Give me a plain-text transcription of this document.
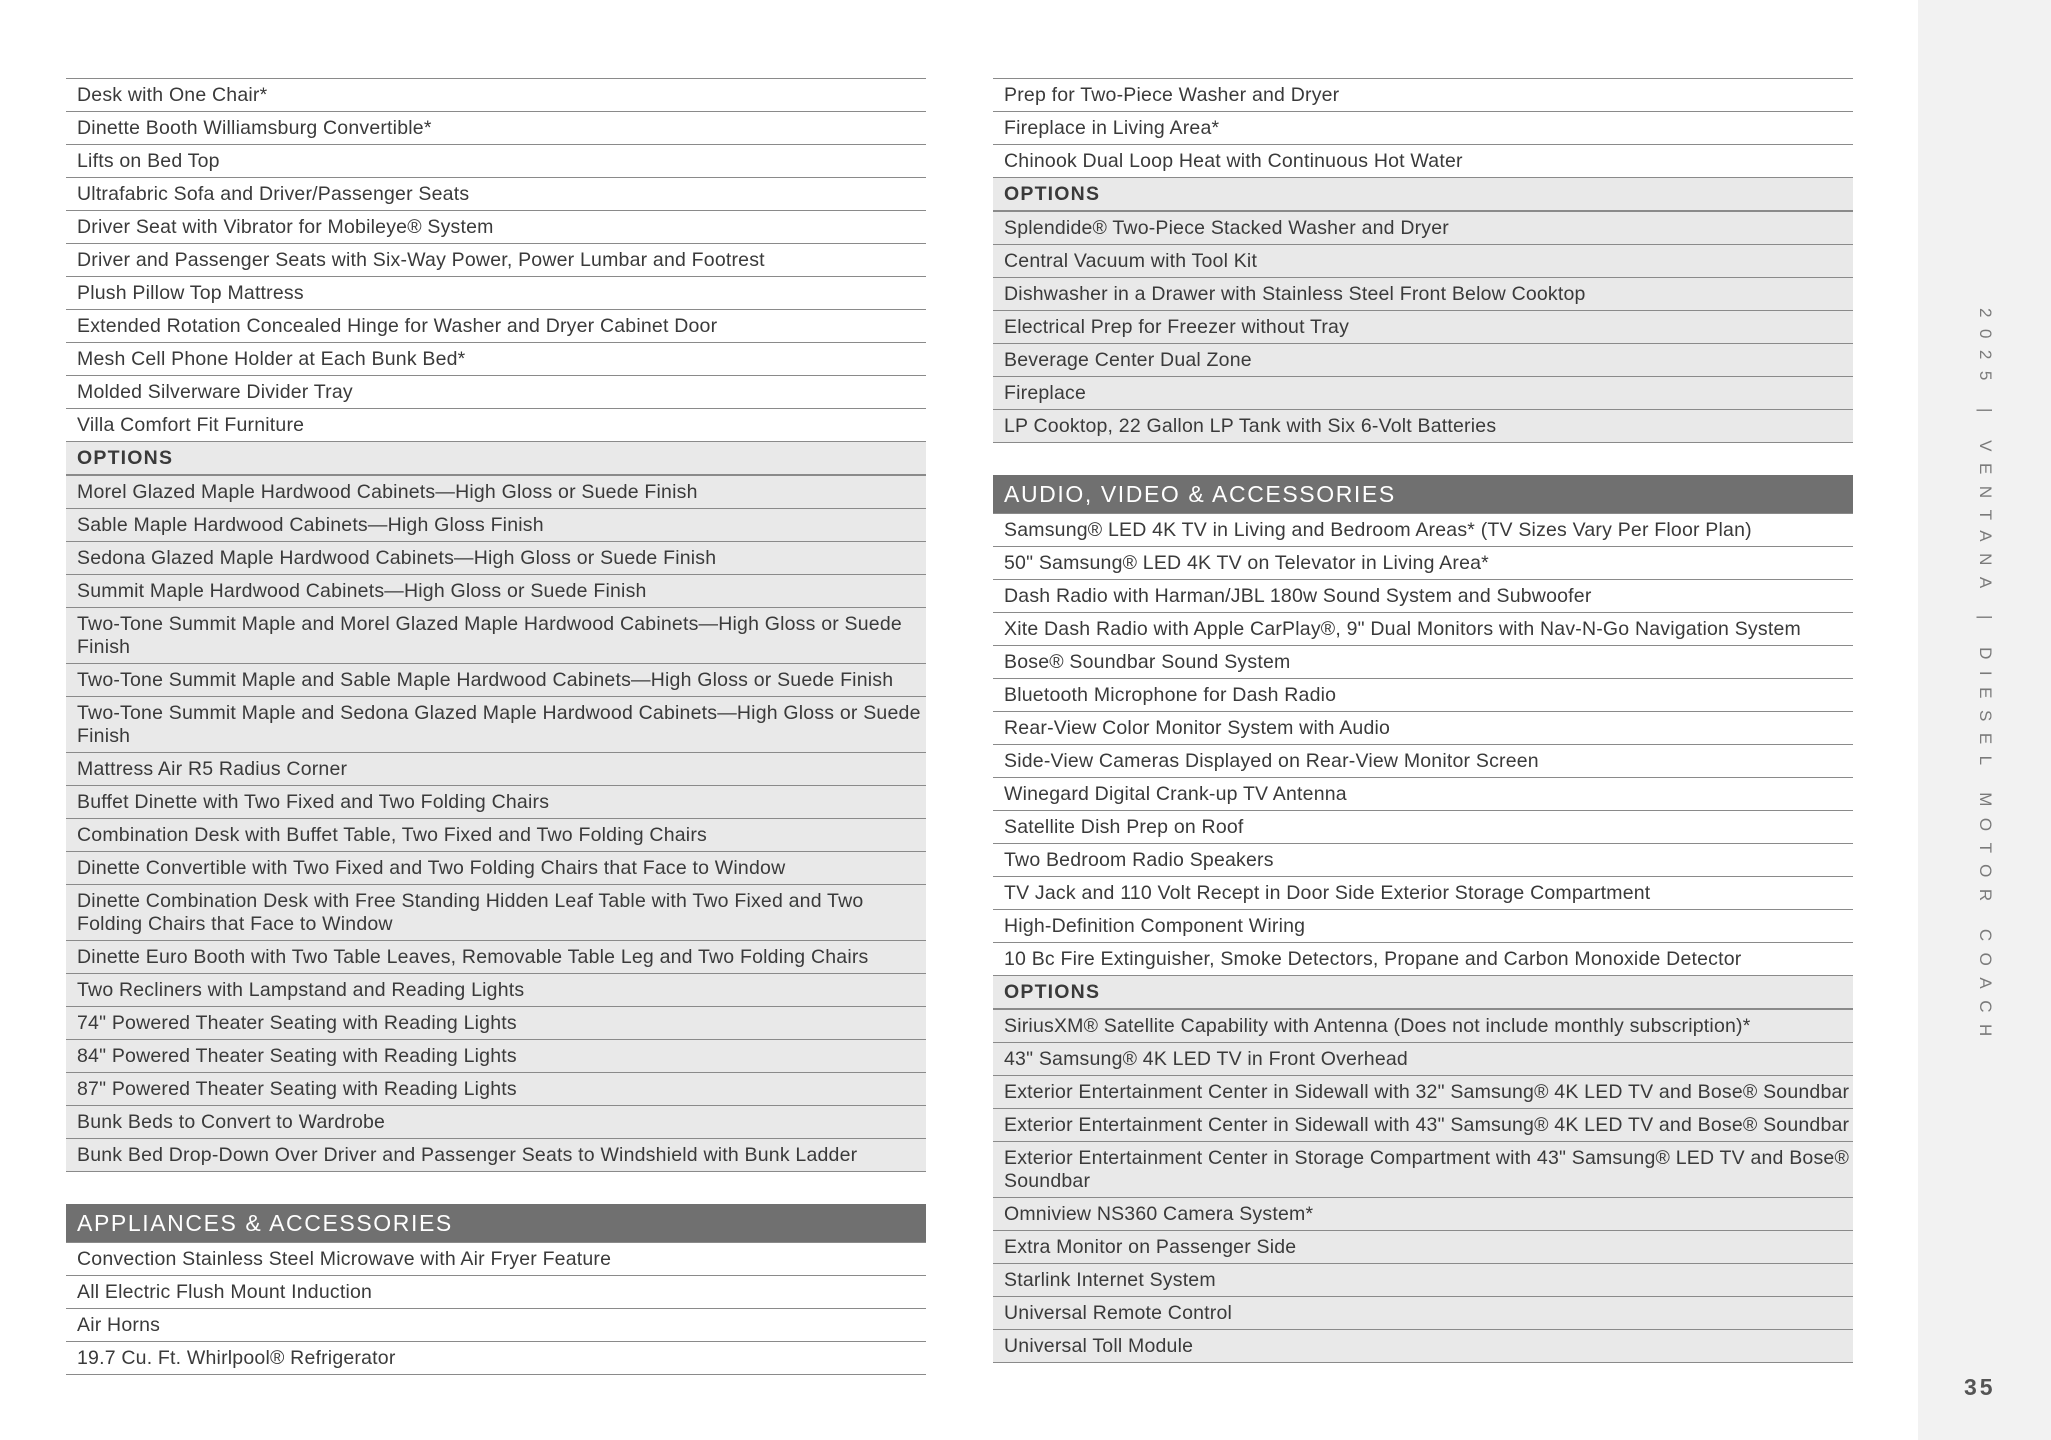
Desk with One Chair*
Dinette Booth Williamsburg Convertible*
Lifts on Bed Top
Ultrafabric Sofa and Driver/Passenger Seats
Driver Seat with Vibrator for Mobileye® System
Driver and Passenger Seats with Six-Way Power, Power Lumbar and Footrest
Plush Pillow Top Mattress
Extended Rotation Concealed Hinge for Washer and Dryer Cabinet Door
Mesh Cell Phone Holder at Each Bunk Bed*
Molded Silverware Divider Tray
Villa Comfort Fit Furniture
OPTIONS
Morel Glazed Maple Hardwood Cabinets—High Gloss or Suede Finish
Sable Maple Hardwood Cabinets—High Gloss Finish
Sedona Glazed Maple Hardwood Cabinets—High Gloss or Suede Finish
Summit Maple Hardwood Cabinets—High Gloss or Suede Finish
Two-Tone Summit Maple and Morel Glazed Maple Hardwood Cabinets—High Gloss or Suede Finish
Two-Tone Summit Maple and Sable Maple Hardwood Cabinets—High Gloss or Suede Finish
Two-Tone Summit Maple and Sedona Glazed Maple Hardwood Cabinets—High Gloss or Suede Finish
Mattress Air R5 Radius Corner
Buffet Dinette with Two Fixed and Two Folding Chairs
Combination Desk with Buffet Table, Two Fixed and Two Folding Chairs
Dinette Convertible with Two Fixed and Two Folding Chairs that Face to Window
Dinette Combination Desk with Free Standing Hidden Leaf Table with Two Fixed and Two Folding Chairs that Face to Window
Dinette Euro Booth with Two Table Leaves, Removable Table Leg and Two Folding Chairs
Two Recliners with Lampstand and Reading Lights
74" Powered Theater Seating with Reading Lights
84" Powered Theater Seating with Reading Lights
87" Powered Theater Seating with Reading Lights
Bunk Beds to Convert to Wardrobe
Bunk Bed Drop-Down Over Driver and Passenger Seats to Windshield with Bunk Ladder
APPLIANCES & ACCESSORIES
Convection Stainless Steel Microwave with Air Fryer Feature
All Electric Flush Mount Induction
Air Horns
19.7 Cu. Ft. Whirlpool® Refrigerator
Prep for Two-Piece Washer and Dryer
Fireplace in Living Area*
Chinook Dual Loop Heat with Continuous Hot Water
OPTIONS
Splendide® Two-Piece Stacked Washer and Dryer
Central Vacuum with Tool Kit
Dishwasher in a Drawer with Stainless Steel Front Below Cooktop
Electrical Prep for Freezer without Tray
Beverage Center Dual Zone
Fireplace
LP Cooktop, 22 Gallon LP Tank with Six 6-Volt Batteries
AUDIO, VIDEO & ACCESSORIES
Samsung® LED 4K TV in Living and Bedroom Areas* (TV Sizes Vary Per Floor Plan)
50" Samsung® LED 4K TV on Televator in Living Area*
Dash Radio with Harman/JBL 180w Sound System and Subwoofer
Xite Dash Radio with Apple CarPlay®, 9" Dual Monitors with Nav-N-Go Navigation System
Bose® Soundbar Sound System
Bluetooth Microphone for Dash Radio
Rear-View Color Monitor System with Audio
Side-View Cameras Displayed on Rear-View Monitor Screen
Winegard Digital Crank-up TV Antenna
Satellite Dish Prep on Roof
Two Bedroom Radio Speakers
TV Jack and 110 Volt Recept in Door Side Exterior Storage Compartment
High-Definition Component Wiring
10 Bc Fire Extinguisher, Smoke Detectors, Propane and Carbon Monoxide Detector
OPTIONS
SiriusXM® Satellite Capability with Antenna (Does not include monthly subscription)*
43" Samsung® 4K LED TV in Front Overhead
Exterior Entertainment Center in Sidewall with 32" Samsung® 4K LED TV and Bose® Soundbar
Exterior Entertainment Center in Sidewall with 43" Samsung® 4K LED TV and Bose® Soundbar
Exterior Entertainment Center in Storage Compartment with 43" Samsung® LED TV and Bose® Soundbar
Omniview NS360 Camera System*
Extra Monitor on Passenger Side
Starlink Internet System
Universal Remote Control
Universal Toll Module
2025 | VENTANA | DIESEL MOTOR COACH
35
